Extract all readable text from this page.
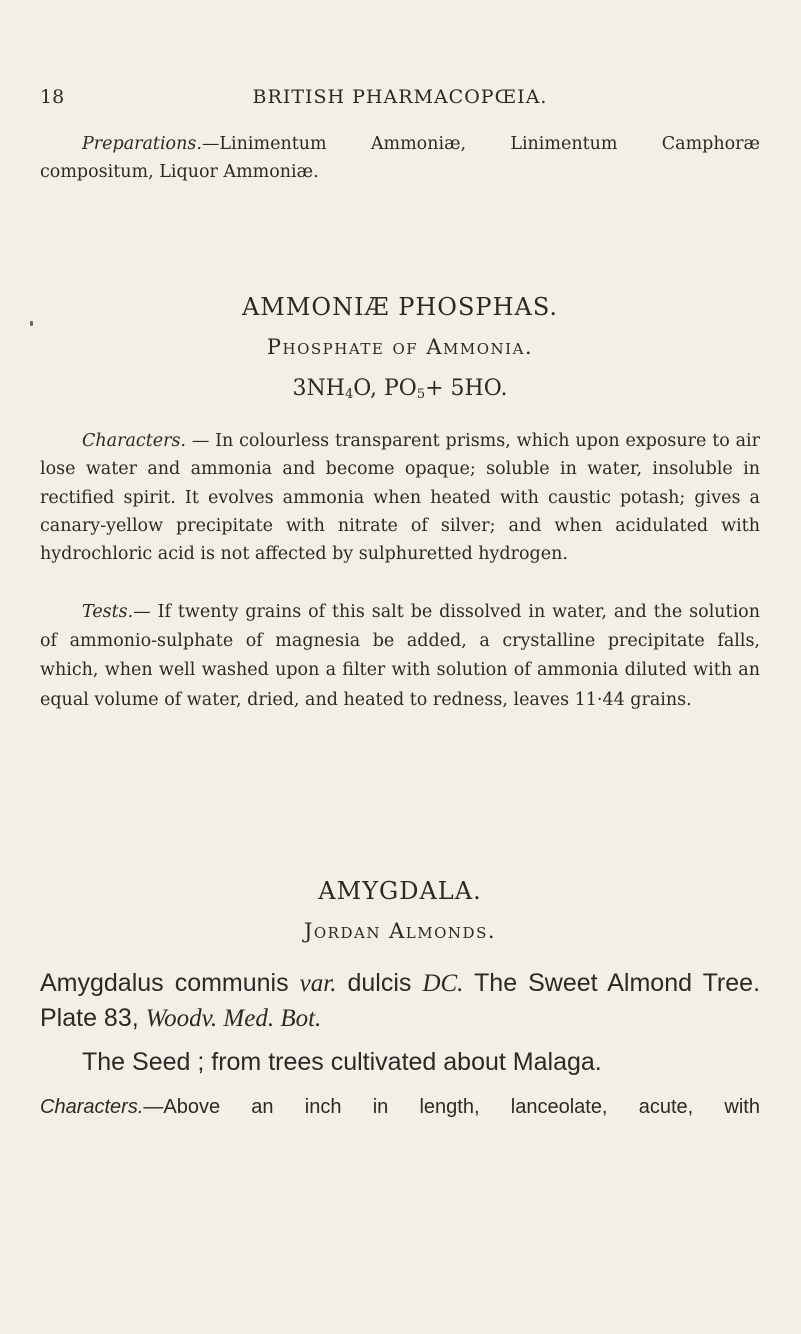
18	BRITISH PHARMACOPŒIA.
Preparations.—Linimentum Ammoniæ, Linimentum Camphoræ compositum, Liquor Ammoniæ.
AMMONIÆ PHOSPHAS.
Phosphate of Ammonia.
$3NH_4O$, $PO_5+ 5HO$.
Characters. — In colourless transparent prisms, which upon exposure to air lose water and ammonia and become opaque; soluble in water, insoluble in rectified spirit. It evolves ammonia when heated with caustic potash; gives a canary-yellow precipitate with nitrate of silver; and when acidulated with hydrochloric acid is not affected by sulphuretted hydrogen.
Tests.— If twenty grains of this salt be dissolved in water, and the solution of ammonio-sulphate of magnesia be added, a crystalline precipitate falls, which, when well washed upon a filter with solution of ammonia diluted with an equal volume of water, dried, and heated to redness, leaves 11·44 grains.
AMYGDALA.
Jordan Almonds.
Amygdalus communis var. dulcis DC. The Sweet Almond Tree. Plate 83, Woodv. Med. Bot.
The Seed ; from trees cultivated about Malaga.
Characters.—Above an inch in length, lanceolate, acute, with
